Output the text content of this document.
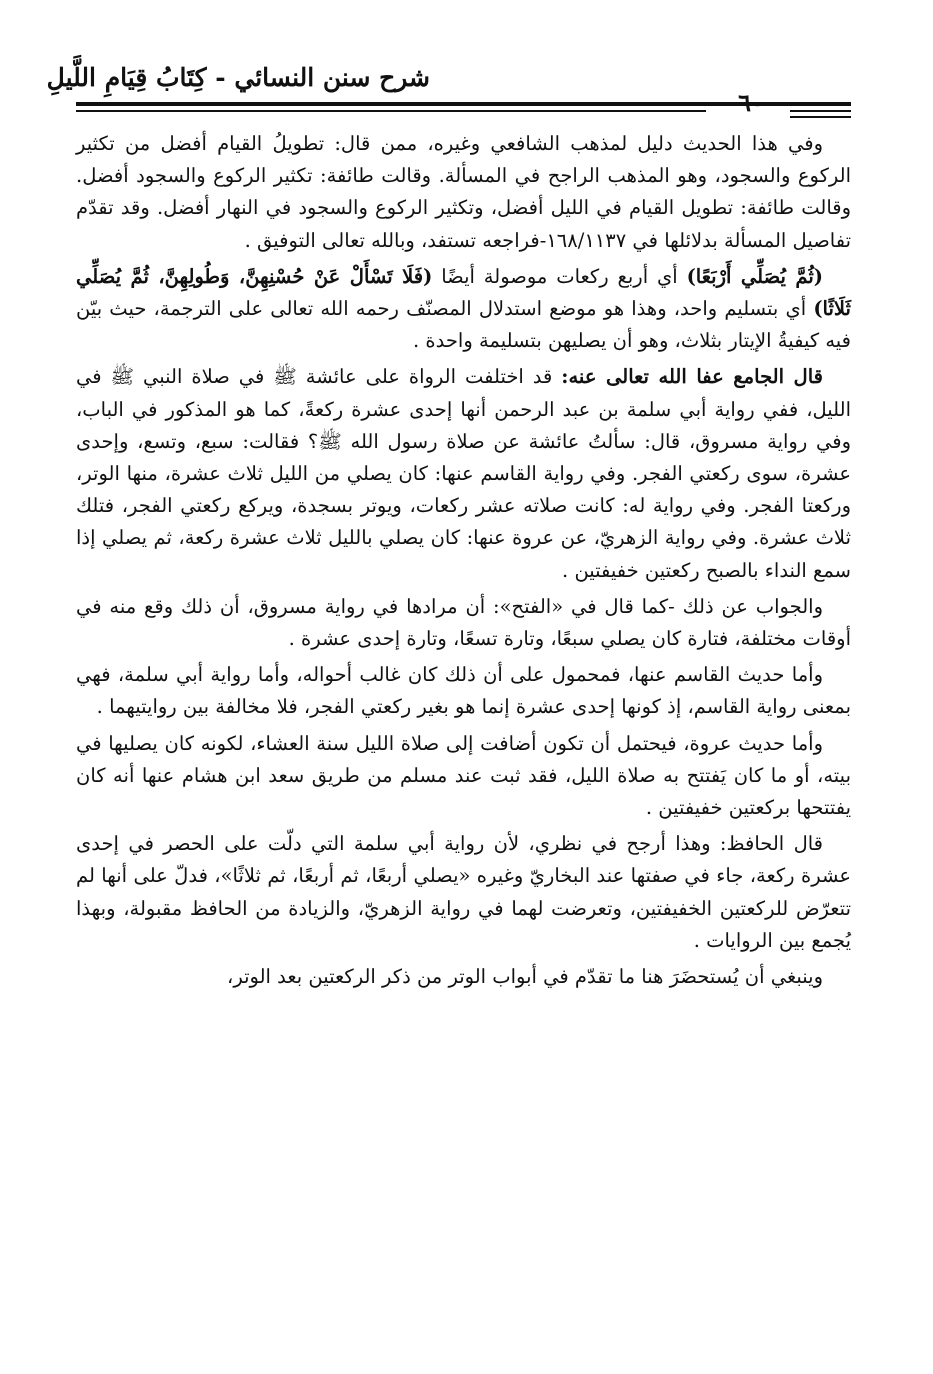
شرح سنن النسائي - كِتَابُ قِيَامِ اللَّيلِ
٦٠

وفي هذا الحديث دليل لمذهب الشافعي وغيره، ممن قال: تطويلُ القيام أفضل من تكثير الركوع والسجود، وهو المذهب الراجح في المسألة. وقالت طائفة: تكثير الركوع والسجود أفضل. وقالت طائفة: تطويل القيام في الليل أفضل، وتكثير الركوع والسجود في النهار أفضل. وقد تقدّم تفاصيل المسألة بدلائلها في ١٦٨/١١٣٧-فراجعه تستفد، وبالله تعالى التوفيق .

(ثُمَّ يُصَلِّي أَرْبَعًا) أي أربع ركعات موصولة أيضًا (فَلَا تَسْأَلْ عَنْ حُسْنِهِنَّ، وَطُولِهِنَّ، ثُمَّ يُصَلِّي ثَلَاثًا) أي بتسليم واحد، وهذا هو موضع استدلال المصنّف رحمه الله تعالى على الترجمة، حيث بيّن فيه كيفيةُ الإيتار بثلاث، وهو أن يصليهن بتسليمة واحدة .

قال الجامع عفا الله تعالى عنه: قد اختلفت الرواة على عائشة ﷺ في صلاة النبي ﷺ في الليل، ففي رواية أبي سلمة بن عبد الرحمن أنها إحدى عشرة ركعةً، كما هو المذكور في الباب، وفي رواية مسروق، قال: سألتُ عائشة عن صلاة رسول الله ﷺ؟ فقالت: سبع، وتسع، وإحدى عشرة، سوى ركعتي الفجر. وفي رواية القاسم عنها: كان يصلي من الليل ثلاث عشرة، منها الوتر، وركعتا الفجر. وفي رواية له: كانت صلاته عشر ركعات، ويوتر بسجدة، ويركع ركعتي الفجر، فتلك ثلاث عشرة. وفي رواية الزهريّ، عن عروة عنها: كان يصلي بالليل ثلاث عشرة ركعة، ثم يصلي إذا سمع النداء بالصبح ركعتين خفيفتين .

والجواب عن ذلك -كما قال في «الفتح»: أن مرادها في رواية مسروق، أن ذلك وقع منه في أوقات مختلفة، فتارة كان يصلي سبعًا، وتارة تسعًا، وتارة إحدى عشرة .

وأما حديث القاسم عنها، فمحمول على أن ذلك كان غالب أحواله، وأما رواية أبي سلمة، فهي بمعنى رواية القاسم، إذ كونها إحدى عشرة إنما هو بغير ركعتي الفجر، فلا مخالفة بين روايتيهما .

وأما حديث عروة، فيحتمل أن تكون أضافت إلى صلاة الليل سنة العشاء، لكونه كان يصليها في بيته، أو ما كان يَفتتح به صلاة الليل، فقد ثبت عند مسلم من طريق سعد ابن هشام عنها أنه كان يفتتحها بركعتين خفيفتين .

قال الحافظ: وهذا أرجح في نظري، لأن رواية أبي سلمة التي دلّت على الحصر في إحدى عشرة ركعة، جاء في صفتها عند البخاريّ وغيره «يصلي أربعًا، ثم أربعًا، ثم ثلاثًا»، فدلّ على أنها لم تتعرّض للركعتين الخفيفتين، وتعرضت لهما في رواية الزهريّ، والزيادة من الحافظ مقبولة، وبهذا يُجمع بين الروايات .

وينبغي أن يُستحضَرَ هنا ما تقدّم في أبواب الوتر من ذكر الركعتين بعد الوتر،
